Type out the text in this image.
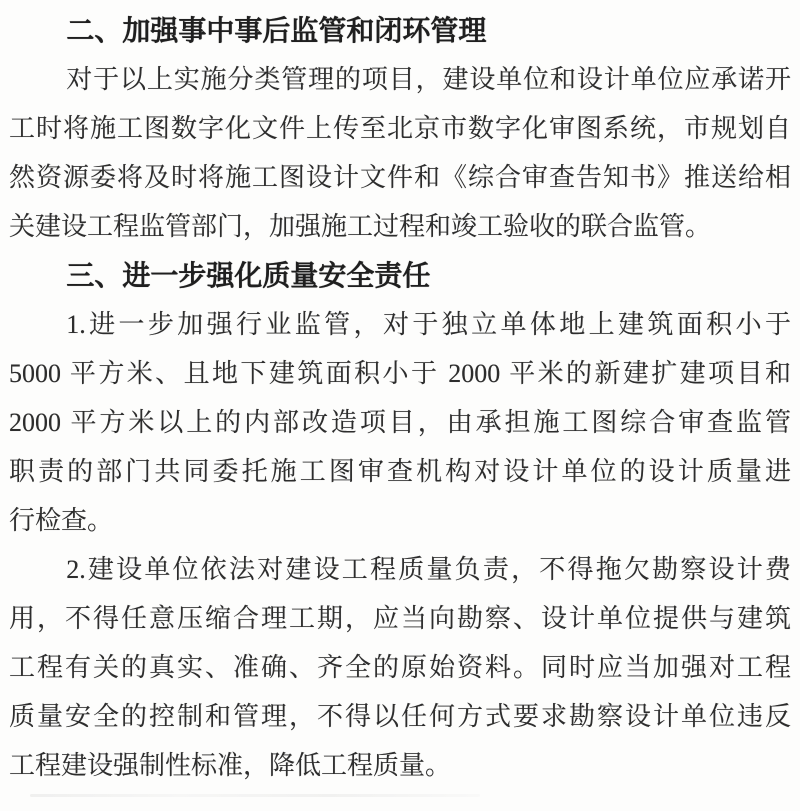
二、加强事中事后监管和闭环管理

对于以上实施分类管理的项目，建设单位和设计单位应承诺开

工时将施工图数字化文件上传至北京市数字化审图系统，市规划自

然资源委将及时将施工图设计文件和《综合审查告知书》推送给相

关建设工程监管部门，加强施工过程和竣工验收的联合监管。

三、进一步强化质量安全责任

1.进一步加强行业监管，对于独立单体地上建筑面积小于

5000 平方米、且地下建筑面积小于 2000 平米的新建扩建项目和

2000 平方米以上的内部改造项目，由承担施工图综合审查监管

职责的部门共同委托施工图审查机构对设计单位的设计质量进

行检查。

2.建设单位依法对建设工程质量负责，不得拖欠勘察设计费

用，不得任意压缩合理工期，应当向勘察、设计单位提供与建筑

工程有关的真实、准确、齐全的原始资料。同时应当加强对工程

质量安全的控制和管理，不得以任何方式要求勘察设计单位违反

工程建设强制性标准，降低工程质量。
